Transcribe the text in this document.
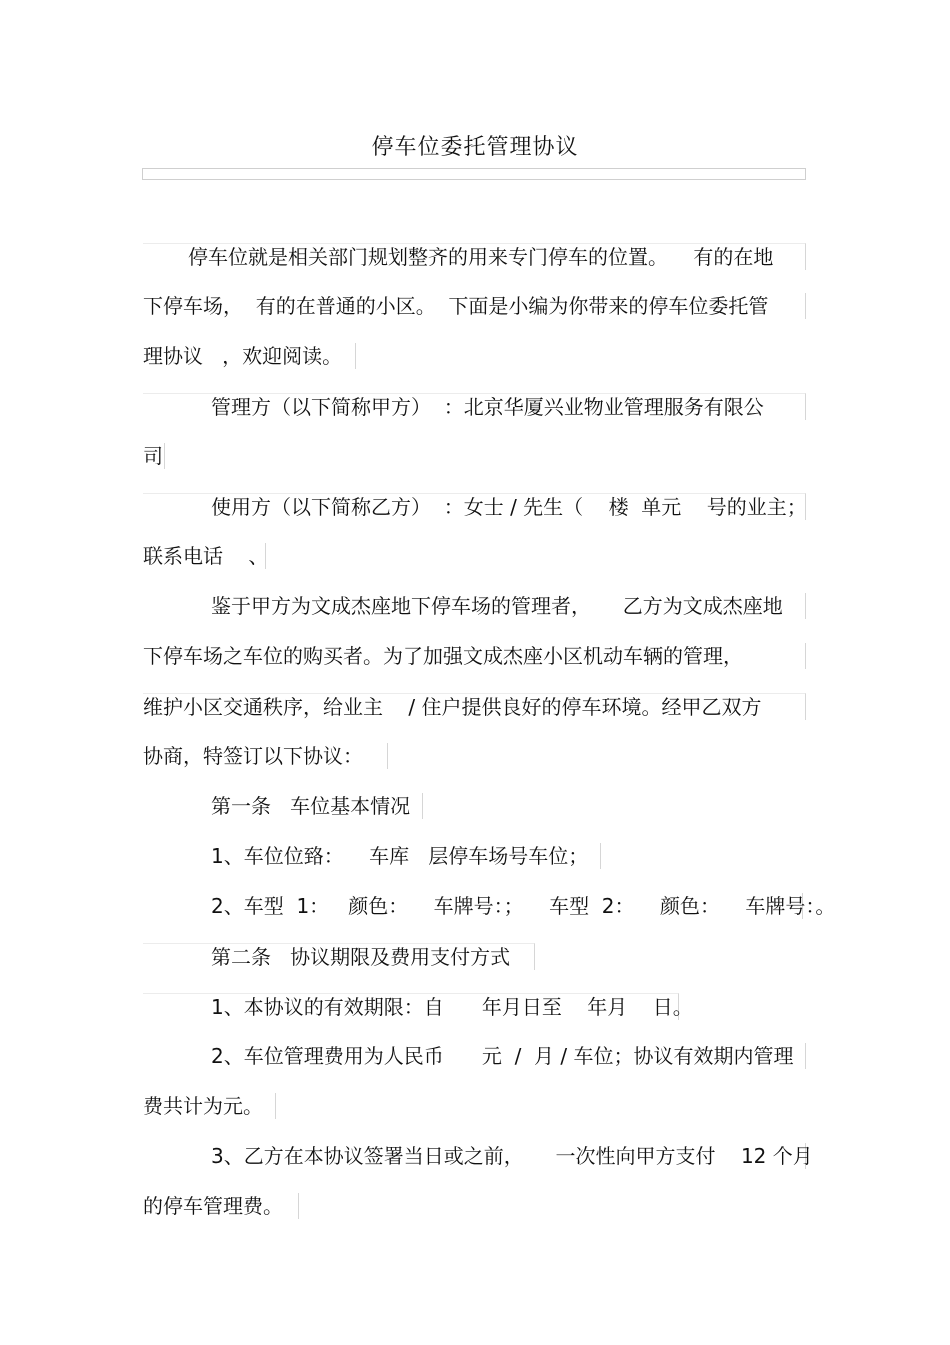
停车位委托管理协议
停车位就是相关部门规划整齐的用来专门停车的位置。    有的在地
下停车场，  有的在普通的小区。  下面是小编为你带来的停车位委托管
理协议   ，欢迎阅读。
管理方（以下简称甲方）  ：北京华厦兴业物业管理服务有限公
司
使用方（以下简称乙方）  ：女士 / 先生（    楼  单元    号的业主；
联系电话    、
鉴于甲方为文成杰座地下停车场的管理者，     乙方为文成杰座地
下停车场之车位的购买者。为了加强文成杰座小区机动车辆的管理，
维护小区交通秩序，给业主    / 住户提供良好的停车环境。经甲乙双方
协商，特签订以下协议：
第一条   车位基本情况
1、车位位臵：    车库   层停车场号车位；
2、车型  1：   颜色：    车牌号：；    车型  2：    颜色：    车牌号：。
第二条   协议期限及费用支付方式
1、本协议的有效期限：自      年月日至    年月    日。
2、车位管理费用为人民币      元  /  月 / 车位；协议有效期内管理
费共计为元。
3、乙方在本协议签署当日或之前，     一次性向甲方支付    12 个月
的停车管理费。
